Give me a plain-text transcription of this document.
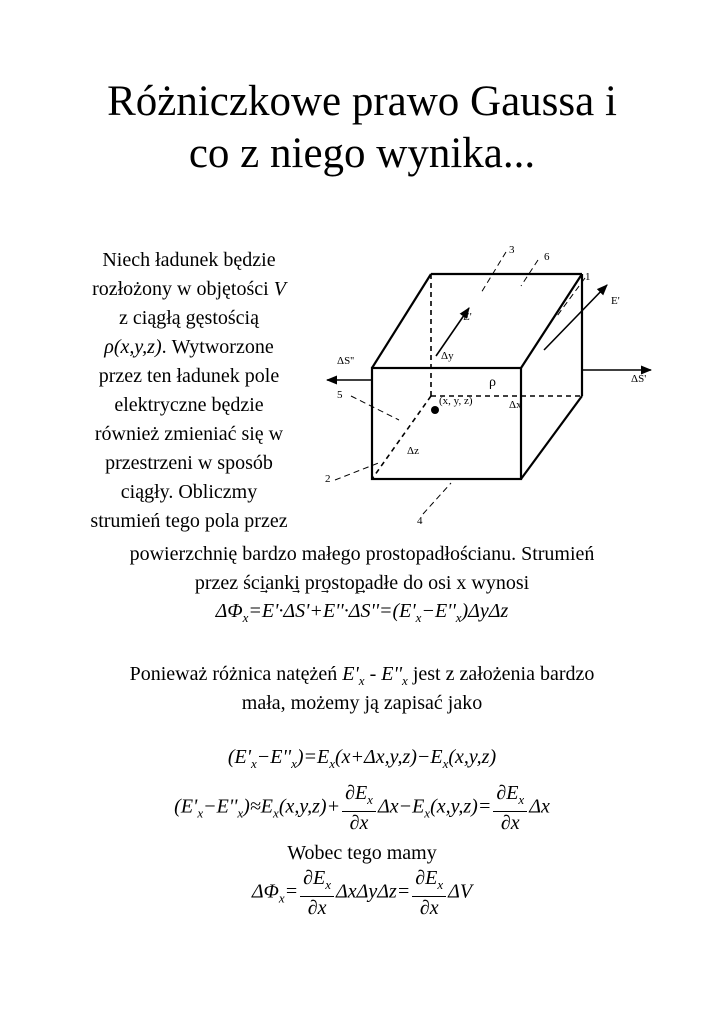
Różniczkowe prawo Gaussa i
co z niego wynika...
Niech ładunek będzie
rozłożony w objętości V
z ciągłą gęstością
ρ(x,y,z). Wytworzone
przez ten ładunek pole
elektryczne będzie
również zmieniać się w
przestrzeni w sposób
ciągły. Obliczmy
strumień tego pola przez
3
6
1
5
2
4
E'
E'
ΔS'
ΔS''	Δy
ρ
(x, y, z)	Δx
Δz
powierzchnię bardzo małego prostopadłościanu. Strumień
przez ścianki prostopadłe do osi x wynosi
$\Delta\Phi_x=⃗$ E'·Δ⃗ S'+⃗ E''·Δ⃗ $S''=(E'_x-E''_x)\Delta y\Delta z$
Ponieważ różnica natężeń $E'_x - E''_x$ jest z założenia bardzo
mała, możemy ją zapisać jako
$(E'_x-E''_x)=E_x(x+\Delta x,y,z)-E_x(x,y,z)$
$(E'_x-E''_x)\approx E_x(x,y,z)+ \frac{\partial E_x}{\partial x} \Delta x-E_x(x,y,z)= \frac{\partial E_x}{\partial x}$ Δx
Wobec tego mamy
$\Delta\Phi_x= \frac{\partial E_x}{\partial x} \Delta x\Delta y\Delta z= \frac{\partial E_x}{\partial x}$ ΔV
